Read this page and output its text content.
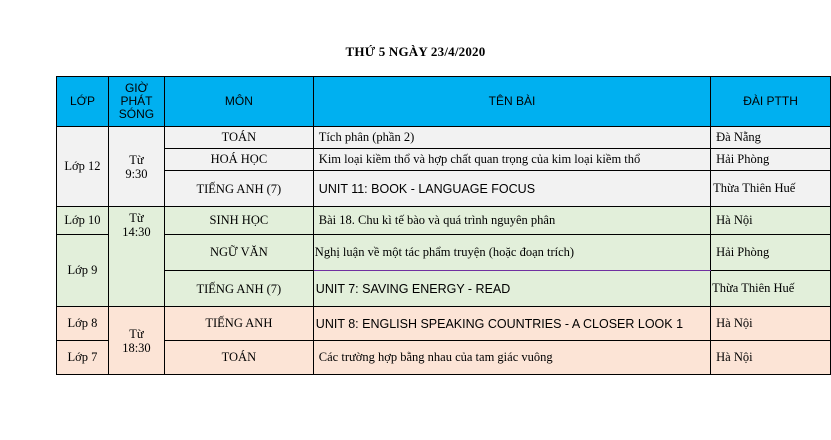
THỨ 5 NGÀY 23/4/2020
LỚP	GIỜ PHÁT SÓNG	MÔN	TÊN BÀI	ĐÀI PTTH
Lớp 12	Từ 9:30	TOÁN	Tích phân (phần 2)	Đà Nẵng
		HOÁ HỌC	Kim loại kiềm thổ và hợp chất quan trọng của kim loại kiềm thổ	Hải Phòng
		TIẾNG ANH (7)	UNIT 11: BOOK - LANGUAGE FOCUS	Thừa Thiên Huế
Lớp 10	Từ 14:30	SINH HỌC	Bài 18. Chu kì tế bào và quá trình nguyên phân	Hà Nội
Lớp 9		NGỮ VĂN	Nghị luận về một tác phẩm truyện (hoặc đoạn trích)	Hải Phòng
		TIẾNG ANH (7)	UNIT 7: SAVING ENERGY - READ	Thừa Thiên Huế
Lớp 8	Từ 18:30	TIẾNG ANH	UNIT 8: ENGLISH SPEAKING COUNTRIES - A CLOSER LOOK 1	Hà Nội
Lớp 7		TOÁN	Các trường hợp bằng nhau của tam giác vuông	Hà Nội
